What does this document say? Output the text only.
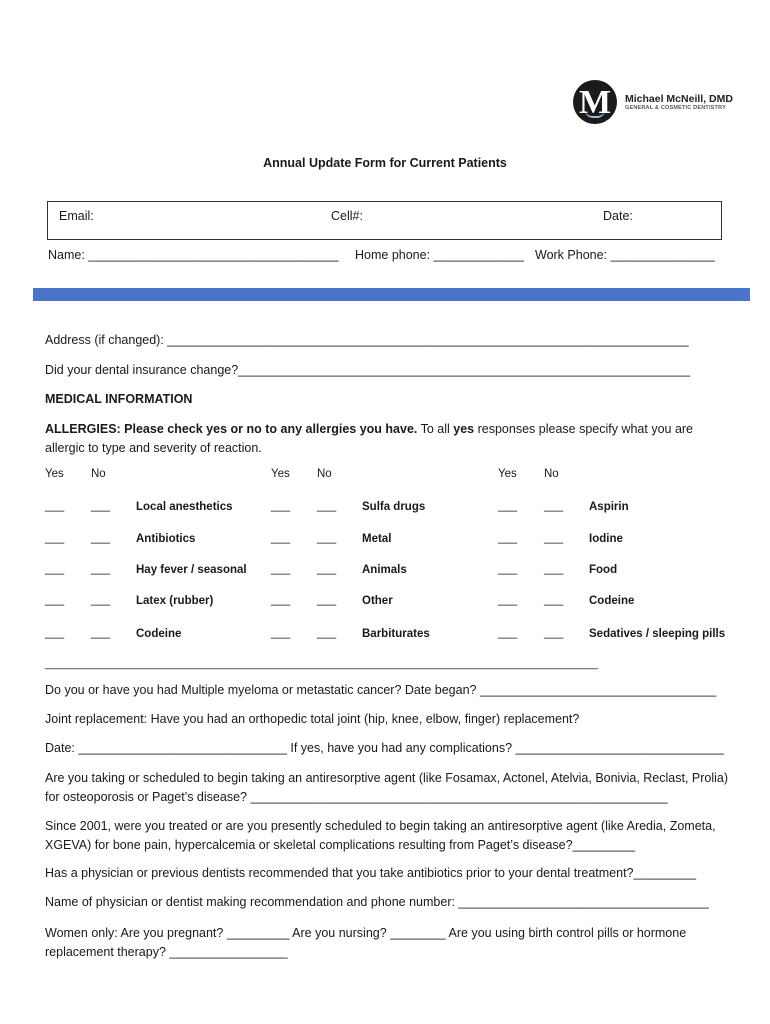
M Michael McNeill, DMD
GENERAL & COSMETIC DENTISTRY
Annual Update Form for Current Patients
Email:	Cell#:	Date:
Name: ____________________________________ Home phone: _____________ Work Phone: _______________
Address (if changed): ___________________________________________________________________________
Did your dental insurance change?_________________________________________________________________
MEDICAL INFORMATION
ALLERGIES: Please check yes or no to any allergies you have. To all yes responses please specify what you are allergic to type and severity of reaction.
Yes No	Yes No	Yes No
___ ___ Local anesthetics	___ ___ Sulfa drugs	___ ___ Aspirin
___ ___ Antibiotics	___ ___ Metal	___ ___ Iodine
___ ___ Hay fever / seasonal ___ ___ Animals	___ ___ Food
___ ___ Latex (rubber)	___ ___ Other	___ ___ Codeine
___ ___ Codeine	___ ___ Barbiturates	___ ___ Sedatives / sleeping pills
_______________________________________________________________________________________________
Do you or have you had Multiple myeloma or metastatic cancer? Date began? __________________________________
Joint replacement: Have you had an orthopedic total joint (hip, knee, elbow, finger) replacement?
Date: ______________________________ If yes, have you had any complications? ______________________________
Are you taking or scheduled to begin taking an antiresorptive agent (like Fosamax, Actonel, Atelvia, Bonivia, Reclast, Prolia) for osteoporosis or Paget’s disease? ____________________________________________________________
Since 2001, were you treated or are you presently scheduled to begin taking an antiresorptive agent (like Aredia, Zometa, XGEVA) for bone pain, hypercalcemia or skeletal complications resulting from Paget’s disease?_________
Has a physician or previous dentists recommended that you take antibiotics prior to your dental treatment?_________
Name of physician or dentist making recommendation and phone number: ____________________________________
Women only: Are you pregnant? _________ Are you nursing? ________ Are you using birth control pills or hormone replacement therapy? _________________
